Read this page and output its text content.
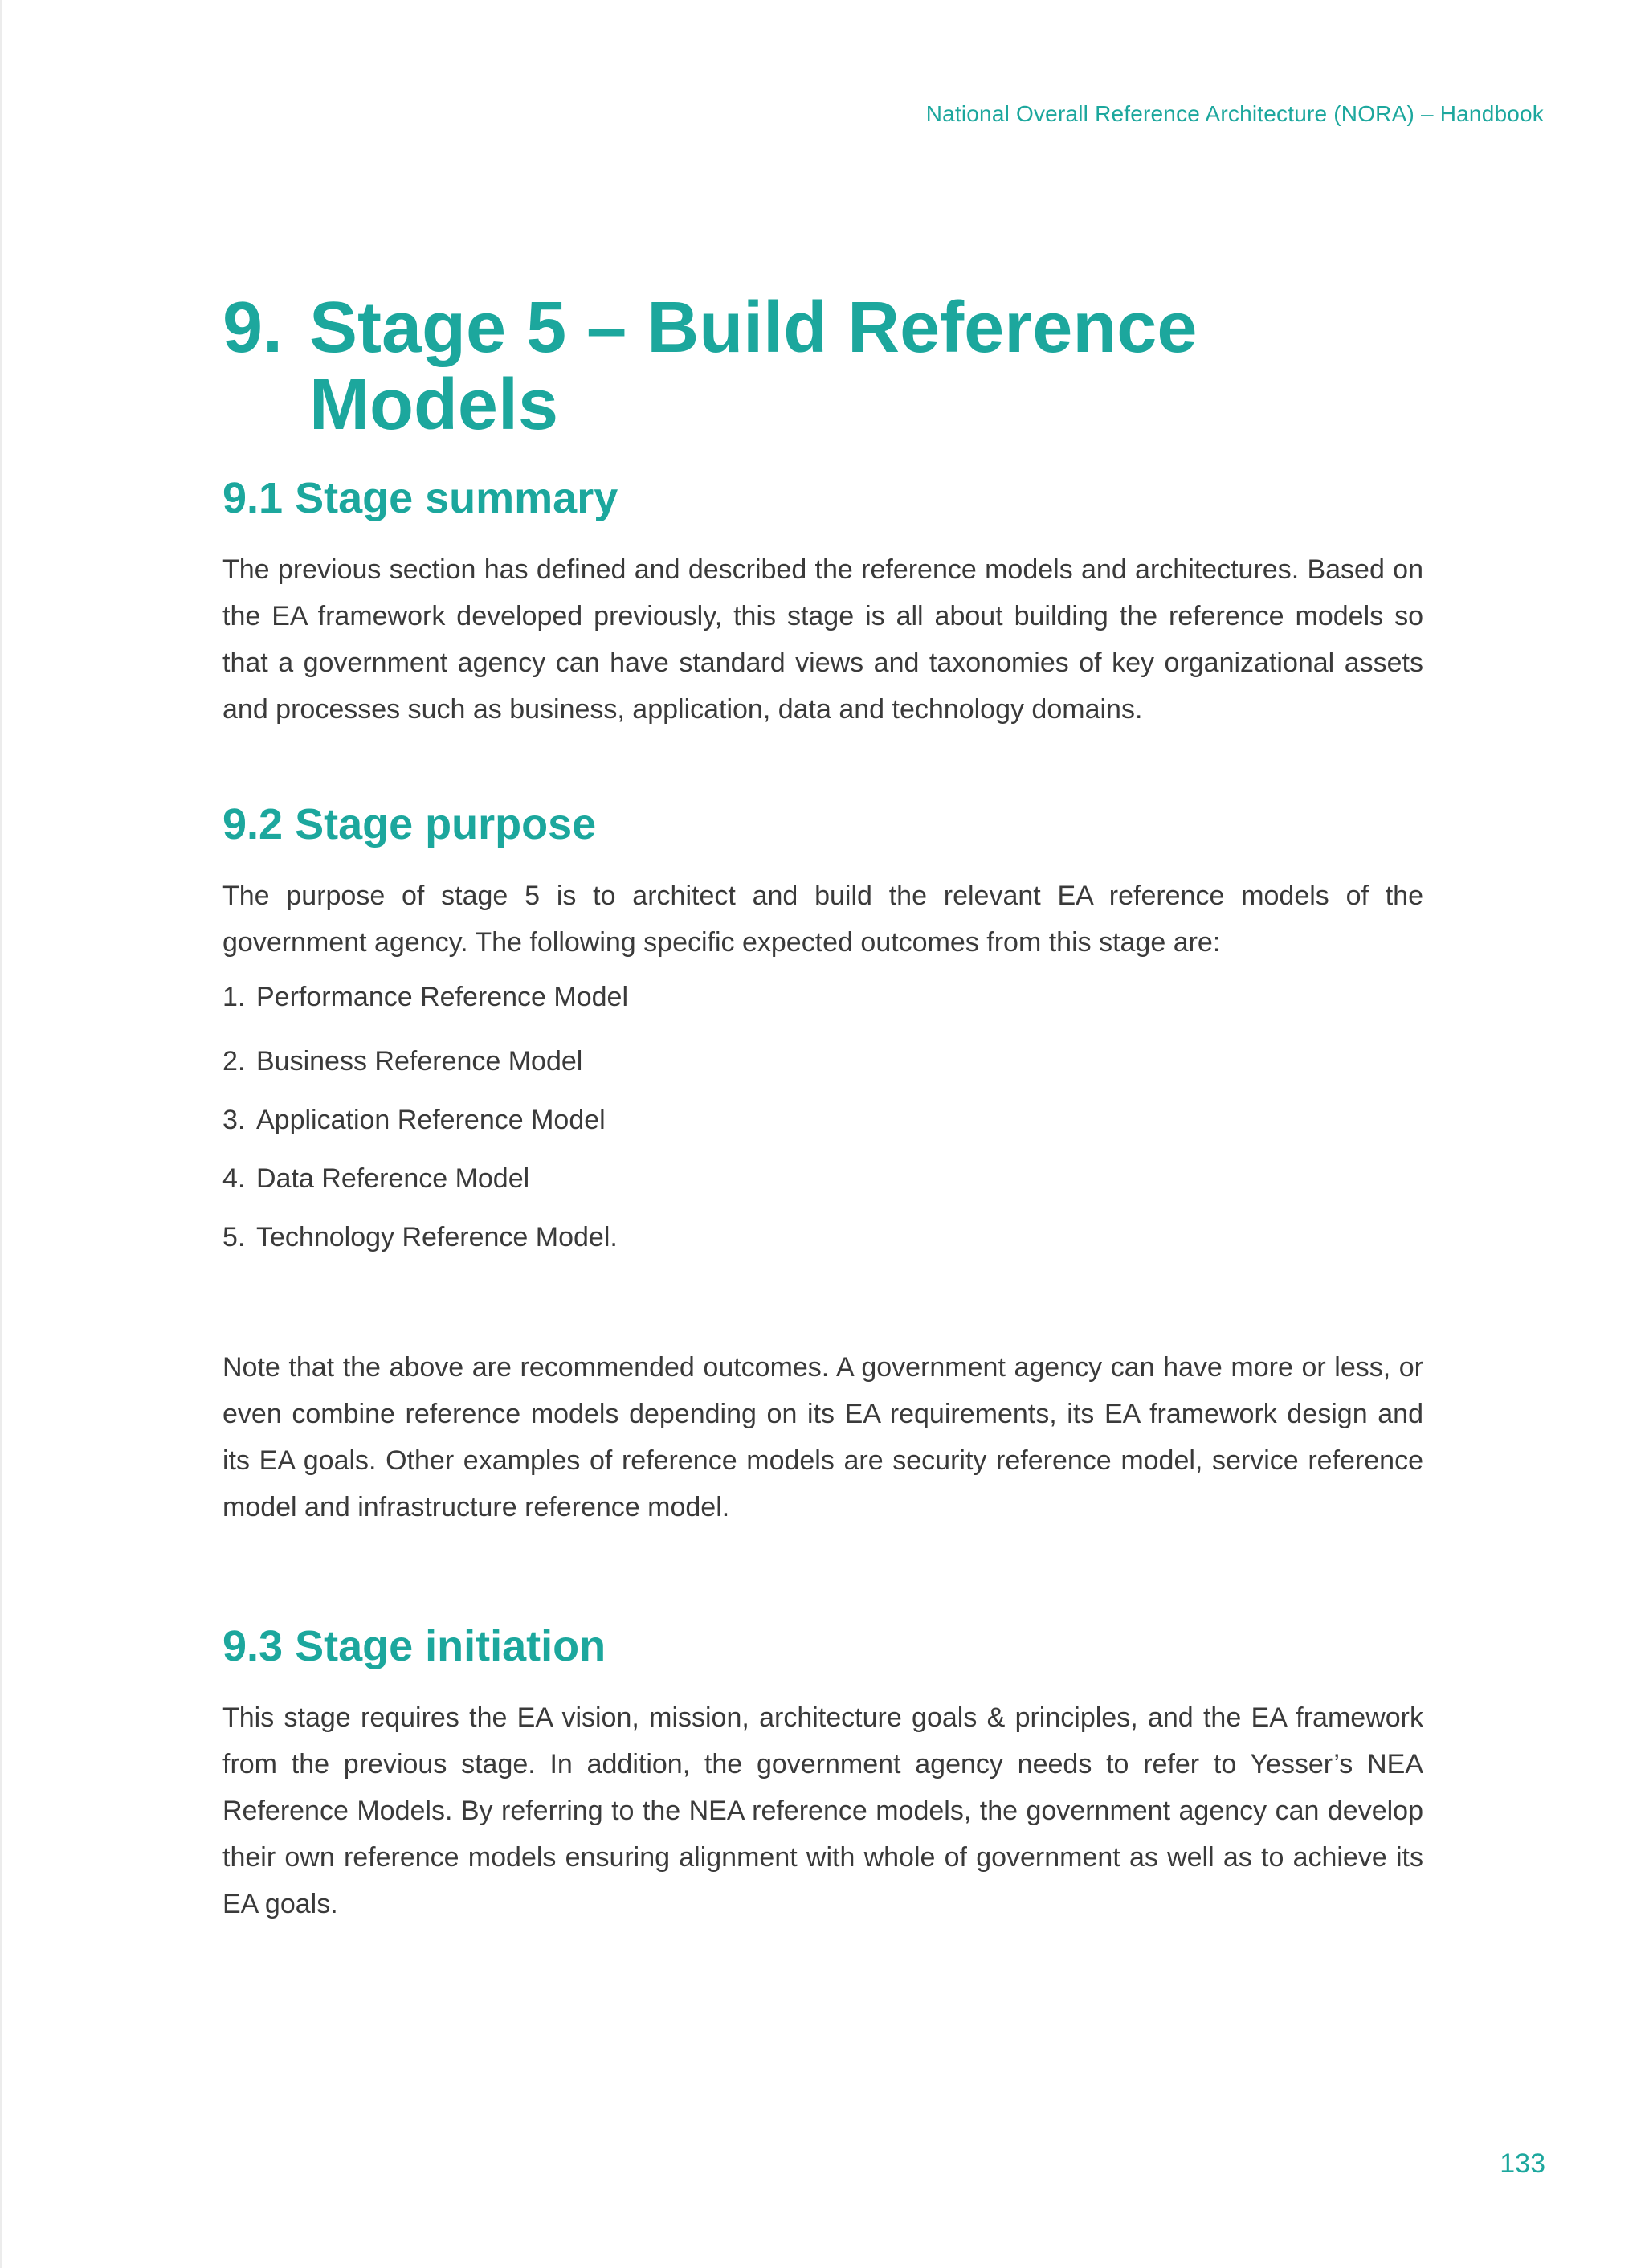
National Overall Reference Architecture (NORA) – Handbook
9. Stage 5 – Build Reference Models
9.1 Stage summary

The previous section has defined and described the reference models and architectures. Based on the EA framework developed previously, this stage is all about building the reference models so that a government agency can have standard views and taxonomies of key organizational assets and processes such as business, application, data and technology domains.

9.2 Stage purpose

The purpose of stage 5 is to architect and build the relevant EA reference models of the government agency. The following specific expected outcomes from this stage are:

1. Performance Reference Model
2. Business Reference Model
3. Application Reference Model
4. Data Reference Model
5. Technology Reference Model.

Note that the above are recommended outcomes. A government agency can have more or less, or even combine reference models depending on its EA requirements, its EA framework design and its EA goals. Other examples of reference models are security reference model, service reference model and infrastructure reference model.

9.3 Stage initiation

This stage requires the EA vision, mission, architecture goals & principles, and the EA framework from the previous stage. In addition, the government agency needs to refer to Yesser’s NEA Reference Models. By referring to the NEA reference models, the government agency can develop their own reference models ensuring alignment with whole of government as well as to achieve its EA goals.

133
